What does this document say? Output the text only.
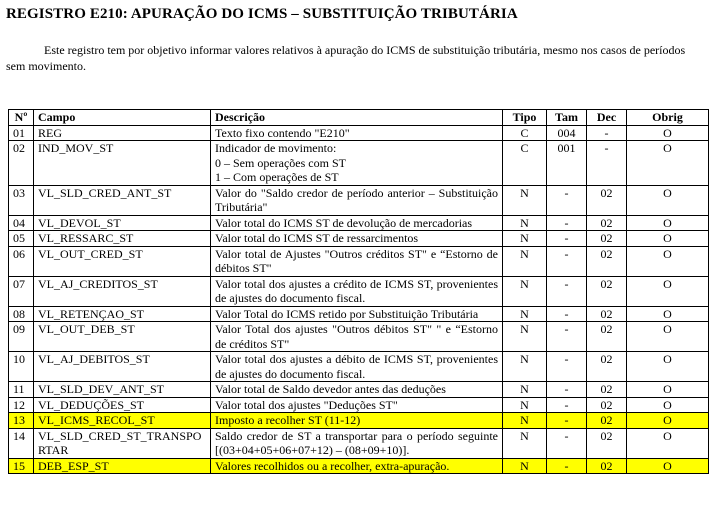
REGISTRO E210: APURAÇÃO DO ICMS – SUBSTITUIÇÃO TRIBUTÁRIA
Este registro tem por objetivo informar valores relativos à apuração do ICMS de substituição tributária, mesmo nos casos de períodos sem movimento.
Nº	Campo	Descrição	Tipo	Tam	Dec	Obrig
01	REG	Texto fixo contendo "E210"	C	004	-	O
02	IND_MOV_ST	Indicador de movimento:
0 – Sem operações com ST
1 – Com operações de ST	C	001	-	O
03	VL_SLD_CRED_ANT_ST	Valor do "Saldo credor de período anterior – Substituição Tributária"	N	-	02	O
04	VL_DEVOL_ST	Valor total do ICMS ST de devolução de mercadorias	N	-	02	O
05	VL_RESSARC_ST	Valor total do ICMS ST de ressarcimentos	N	-	02	O
06	VL_OUT_CRED_ST	Valor total de Ajustes "Outros créditos ST" e “Estorno de débitos ST"	N	-	02	O
07	VL_AJ_CREDITOS_ST	Valor total dos ajustes a crédito de ICMS ST, provenientes de ajustes do documento fiscal.	N	-	02	O
08	VL_RETENÇAO_ST	Valor Total do ICMS retido por Substituição Tributária	N	-	02	O
09	VL_OUT_DEB_ST	Valor Total dos ajustes "Outros débitos ST" " e “Estorno de créditos ST"	N	-	02	O
10	VL_AJ_DEBITOS_ST	Valor total dos ajustes a débito de ICMS ST, provenientes de ajustes do documento fiscal.	N	-	02	O
11	VL_SLD_DEV_ANT_ST	Valor total de Saldo devedor antes das deduções	N	-	02	O
12	VL_DEDUÇÕES_ST	Valor total dos ajustes "Deduções ST"	N	-	02	O
13	VL_ICMS_RECOL_ST	Imposto a recolher ST (11-12)	N	-	02	O
14	VL_SLD_CRED_ST_TRANSPORTAR	Saldo credor de ST a transportar para o período seguinte [(03+04+05+06+07+12) – (08+09+10)].	N	-	02	O
15	DEB_ESP_ST	Valores recolhidos ou a recolher, extra-apuração.	N	-	02	O
